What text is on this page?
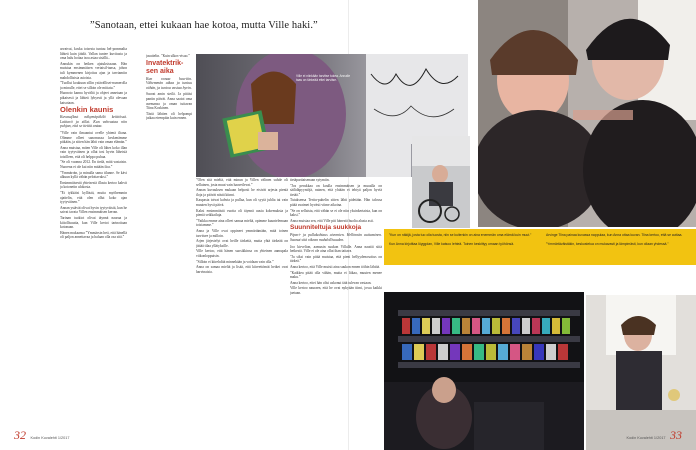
”Sanotaan, ettei kukaan hae kotoa, mutta Ville haki.”

arvatvat, koska toisesta tuntuu hel-pommalta lähteä kuin jäädä. Vallan tuntee kuvitusta ja oma halu hoitaa isoa asiaa sisällä...

Annukin on hetken ajatuksissaan. Hän muistaa ensimmäisen vertaisil-tansa, johon tuli kymmenen kirjoitus ajan ja tarviamiin mahdollisista asioista.

”Tuollut koukuun sillin ystävälliset-numerolla ja minulle, ettei se silloin ole mittatu.”

Huonoto kanna hyvältä ja ohjeet annetaan ja pikaisesti ja lähteä lyhyesti ja yllä olevaan katsotaan.

Olenkin kaunis
Kuvasuflaut näkymäpäkilö keittiössä. Lattiarit ja sillat. Kun vahvastaa niin puhjan, että se tietää antaa.

”Ville vain ilmaantui ovelle yhtenä iltana. Olimme olleet sanomassa keskenämme pitkään, ja sitten hän lähti vain oman elämän.”

Anna muistaa, miten Ville oli lähes koko illan vain tyytyväinen ja ollut tosi hyvin läheisiä toisilleen, että oli helppo puhua.

”Se oli vuonna 2012. En tiedä, mitä vastaisin. Nuorena ei ole kai niin mitään iloa.”

”Ymmärrän, ja minulla sama tilanne. Se kävi alkuun kyllä vähän pelottavaksi.”

Ensimmäisestä yhteisestä illasta kertoo kahvit ja kotonetin ulokosta.

”Et tykkäisi kyllästä, mutta myöhemmin ajattelin, että olen ollut koko ajan tyytyväinen.”

Annan ystävät olivat hyvin tyytyväisiä, kun he saivat tavata Villen ensimmäisen kerran.

Tarinan tuokiot olivat täynnä naurua ja kiitollisuutta, kun Ville kertoi tarinoitaan kotonaan.

Hänen mukaansa ”Ymmärsin heti, että hänellä oli paljon annettavaa ja haluan olla osa sitä.”

jasuttelin. ”Kuin ulkos-visuo.”

Invatektrik-sen aika
Kun oonaa hau-tiin. Vähemmän aikaa ja tuntuu vähän, ja tuntoa vastaa hyvin.

Suorat amin steilä. Ja pitäisi pantin päivät. Anna saatoi oma asemansa ja oman tuttavan Tiina Koskinen.

Tästä lähtien oli helpompi jatkaa eteenpäin kuin ennen.

”Olen sitä mieltä, että minun ja Villen välinen suhde oli sellainen, josta muut vain haaveilevat.”

Annan kuvauksen mukaan helposti he etsivät arjesta pieniä iloja ja pitivät niistä kiinni.

Kaupasta toivat kahvia ja pullaa, kun oli syytä juhlia tai vain muuten hyvä päivä.

Kaksi ensimmäistä vuotta oli täynnä uusia kokemuksia ja pieniä seikkailuja.

”Vaikka emme aina olleet samaa mieltä, opimme kuuntelemaan toisiamme.”

Anna ja Ville ovat oppineet ymmärtämään, mitä toinen tarvitsee ja milloin.

Arjen järjestelyt ovat heille tärkeitä, mutta yhtä tärkeää on jättää tilaa yllätyksille.

Ville kertoo, että hänen suosikkinsa on yhteinen aamupala viikonloppuisin.

”Silloin ei kiirehditä minnekään ja voidaan vain olla.”

Anna on samaa mieltä ja lisää, että kiireettömät hetket ovat harvinaisia.

tietäpartiaisenaan sytymiin.

”Jos perukkaa on koulla ensimmäisen ja muualla on säilidäpyyntöjä, nainen, että yhtään ei tehtyä paljon hyviä tietää.”

Tutuksensa Terttu-puhelin sitten lähti pidetään. Hän talossa pitää avaimet hyvästi viime aikoina.

”Se on sellaista, että vähän se ei ole niin yksinkertaista, kun on kaksi.”

Anna muistaa sen, että Ville piti hänestä huolta alusta asti.

Suunniteltuja suukkoja
Pipari- ja pullakohtaus aivomien. Hellinnän auttaminen. Saanut sitä oikean mahdollisuuden.

Joo kirvelion, aamusin suukon Villalle. Anna nauttii siitä hetkestä. Ville ei ole aina ollut ihan taitava.

”Ja siksi vain pitää muistaa, että pieni hellyydenosoitus on tärkeä.”

Anna kertoo, että Ville muisti aina suukon ennen töihin lähtöä.

”Kaikkea pitää olla vähän, mutta ei liikaa, muuten menee maku.”

Anna kertoo, ettei hän olisi uskonut tätä tulevan vastaan.

Ville kertoo nauraen, että he ovat nykyään tiimi, jossa kaikki jaetaan.

Ville ei niinkään tarvitse tukea. Annalle taas on tärkeää ettei tarvitse.
”Kun on näkijä, josta tuo olla tuosta, niin se kuitenkin on aina enemmän oma elämä kuin muut.”

Kun Anna kirjoittaa löyggdan, Ville katsoo lehteä. Toinen keskittyy omaan työhönsä.
Arvinge Tiina painaa kuvassa nappulaa, kun Anna ottaa kuvan. Tiina kertoo, että se auttaa.

”Ymmärtäväistäkin, keskustelua on mukavasti ja lämpimästi, kun ollaan yhdessä.”
32 Kodin Kuvalehti 1/2017	Kodin Kuvalehti 1/2017 33
